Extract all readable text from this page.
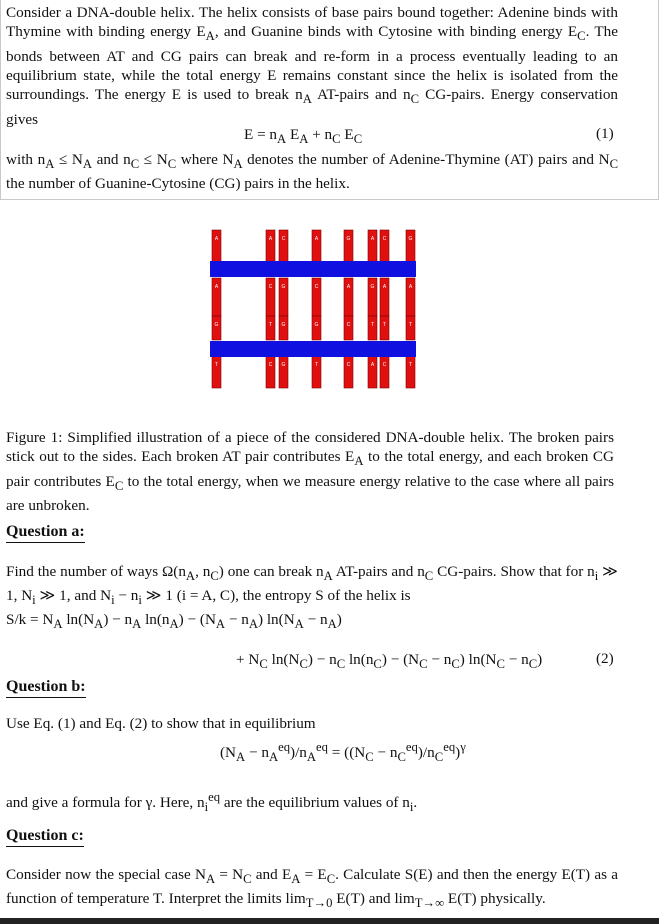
Consider a DNA-double helix. The helix consists of base pairs bound together: Adenine binds with Thymine with binding energy $E_A$, and Guanine binds with Cytosine with binding energy $E_C$. The bonds between AT and CG pairs can break and re-form in a process eventually leading to an equilibrium state, while the total energy E remains constant since the helix is isolated from the surroundings. The energy E is used to break $n_A$ AT-pairs and $n_C$ CG-pairs. Energy conservation gives
$E = n_A$ $E_A + n_C$ $E_C$	(1)
with $n_A \le N_A$ and $n_C \le N_C$ where $N_A$ denotes the number of Adenine-Thymine (AT) pairs and $N_C$ the number of Guanine-Cytosine (CG) pairs in the helix.
A	A C	A	G	A C	G
A	C G	C	A	G A	A
G	T G	G	C	T T	T
T	C G	T	C	A C	T
Figure 1: Simplified illustration of a piece of the considered DNA-double helix. The broken pairs stick out to the sides. Each broken AT pair contributes $E_A$ to the total energy, and each broken CG pair contributes $E_C$ to the total energy, when we measure energy relative to the case where all pairs are unbroken.
Question a:
Find the number of ways $\Omega(n_A$, $n_C$) one can break $n_A$ AT-pairs and $n_C$ CG-pairs. Show that for $n_i$ ≫ 1, $N_i$ ≫ 1, and $N_i - n_i$ ≫ 1 (i = A, C), the entropy S of the helix is
$S/k = N_A$ $\ln(N_A) - n_A$ $\ln(n_A) - (N_A - n_A) \ln(N_A - n_A)$
+ $N_C$ $\ln(N_C) - n_C$ $\ln(n_C) - (N_C - n_C) \ln(N_C - n_C)$	(2)
Question b:
Use Eq. (1) and Eq. (2) to show that in equilibrium
$(N_A - n_A^{eq})/n_A^{eq} = ((N_C - n_C^{eq})/n_C^{eq})^\gamma$
and give a formula for γ. Here, $n_i^{eq}$ are the equilibrium values of $n_i$.
Question c:
Consider now the special case $N_A = N_C$ and $E_A = E_C$. Calculate S(E) and then the energy E(T) as a function of temperature T. Interpret the limits $\lim_{T\to 0} E(T)$ and $\lim_{T\to\infty} E(T)$ physically.
